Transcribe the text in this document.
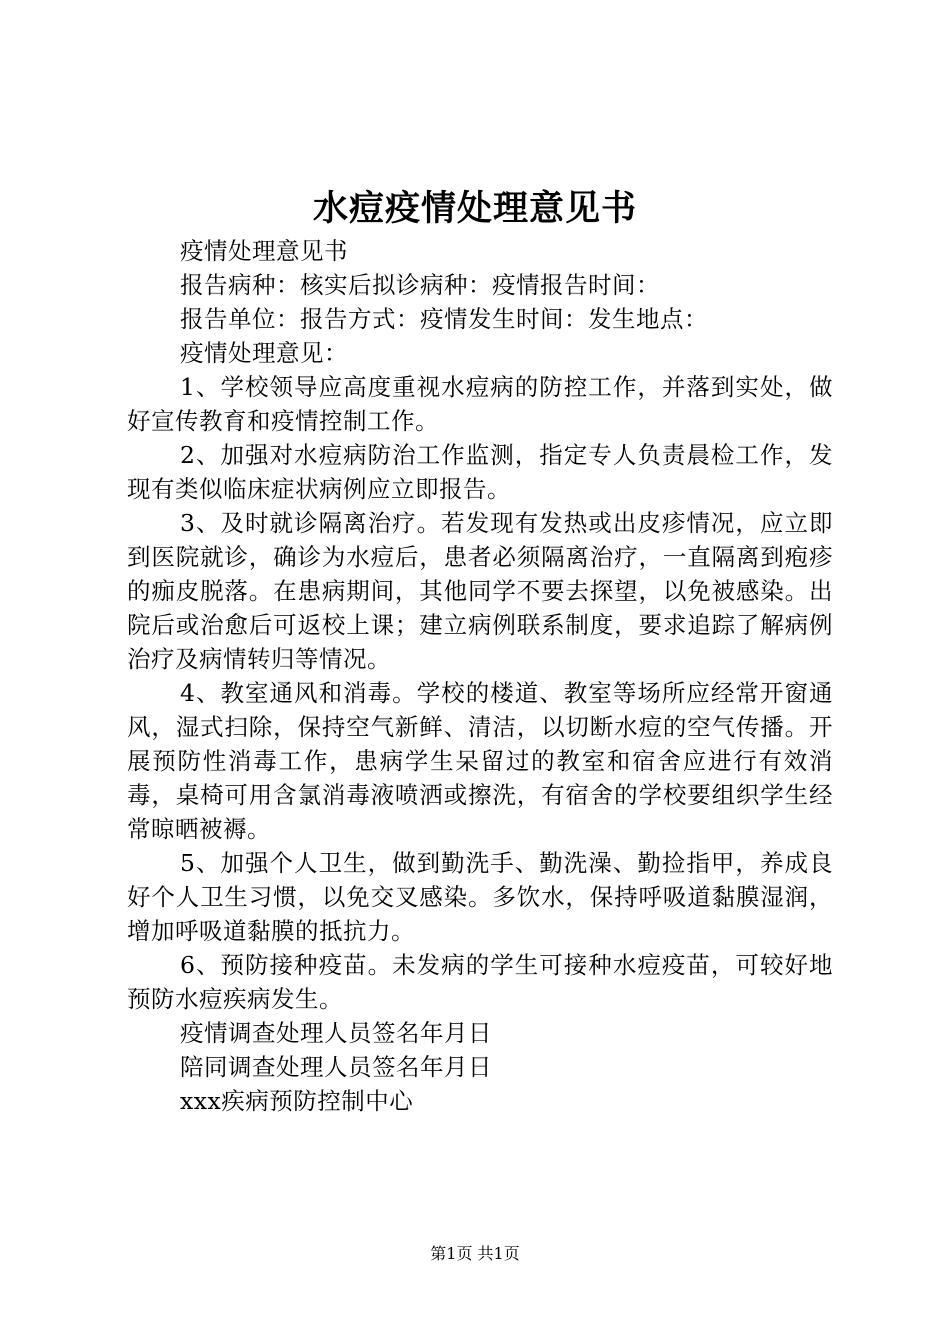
水痘疫情处理意见书

疫情处理意见书

报告病种：核实后拟诊病种：疫情报告时间：

报告单位：报告方式：疫情发生时间：发生地点：

疫情处理意见：

1、学校领导应高度重视水痘病的防控工作，并落到实处，做好宣传教育和疫情控制工作。

2、加强对水痘病防治工作监测，指定专人负责晨检工作，发现有类似临床症状病例应立即报告。

3、及时就诊隔离治疗。若发现有发热或出皮疹情况，应立即到医院就诊，确诊为水痘后，患者必须隔离治疗，一直隔离到疱疹的痂皮脱落。在患病期间，其他同学不要去探望，以免被感染。出院后或治愈后可返校上课；建立病例联系制度，要求追踪了解病例治疗及病情转归等情况。

4、教室通风和消毒。学校的楼道、教室等场所应经常开窗通风，湿式扫除，保持空气新鲜、清洁，以切断水痘的空气传播。开展预防性消毒工作，患病学生呆留过的教室和宿舍应进行有效消毒，桌椅可用含氯消毒液喷洒或擦洗，有宿舍的学校要组织学生经常晾晒被褥。

5、加强个人卫生，做到勤洗手、勤洗澡、勤捡指甲，养成良好个人卫生习惯，以免交叉感染。多饮水，保持呼吸道黏膜湿润，增加呼吸道黏膜的抵抗力。

6、预防接种疫苗。未发病的学生可接种水痘疫苗，可较好地预防水痘疾病发生。

疫情调查处理人员签名年月日

陪同调查处理人员签名年月日

xxx疾病预防控制中心

第1页 共1页
